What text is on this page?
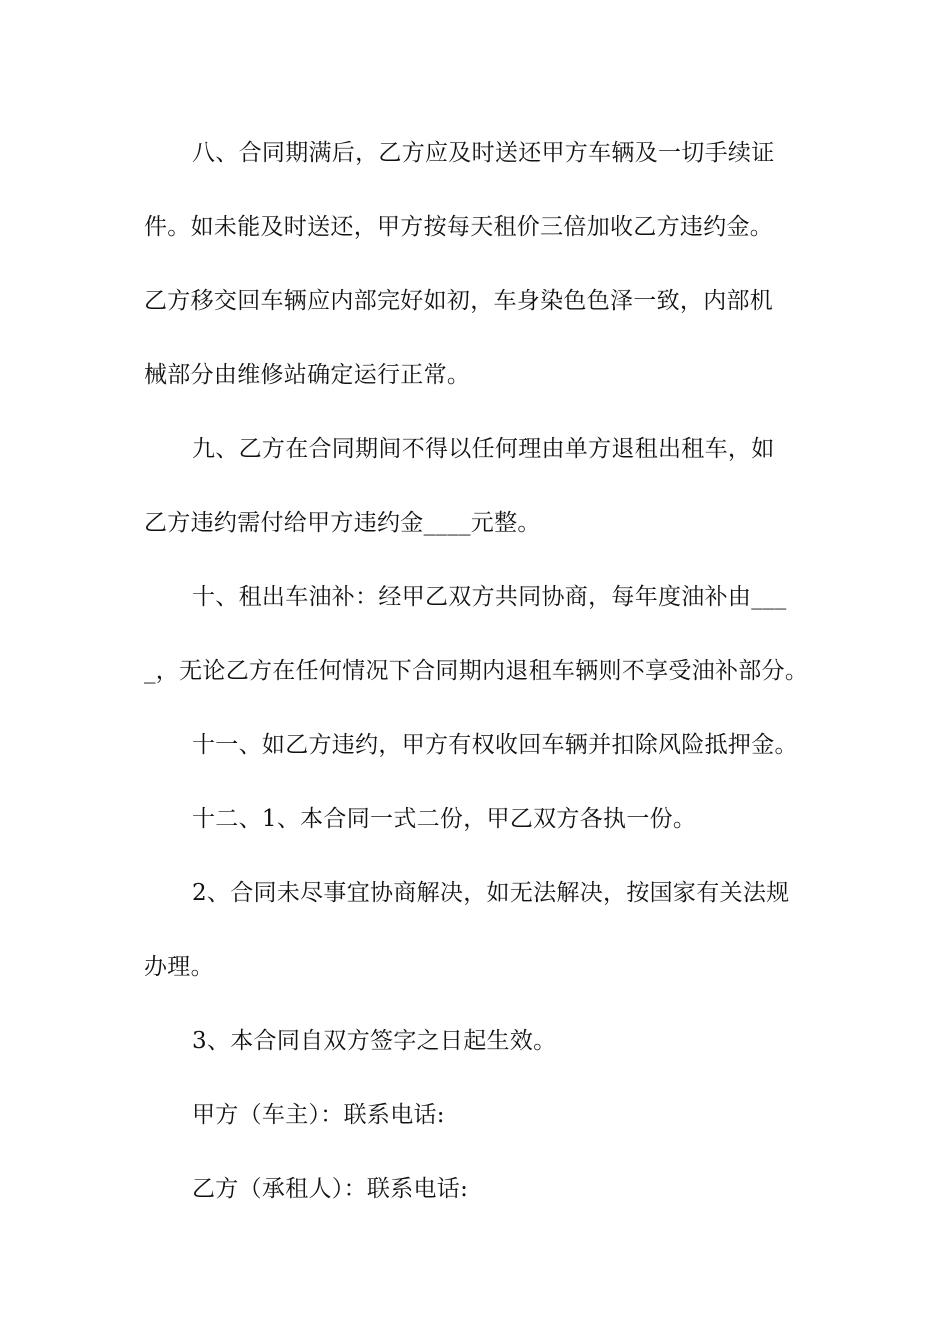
八、合同期满后，乙方应及时送还甲方车辆及一切手续证
件。如未能及时送还，甲方按每天租价三倍加收乙方违约金。
乙方移交回车辆应内部完好如初，车身染色色泽一致，内部机
械部分由维修站确定运行正常。
九、乙方在合同期间不得以任何理由单方退租出租车，如
乙方违约需付给甲方违约金____元整。
十、租出车油补：经甲乙双方共同协商，每年度油补由___
_，无论乙方在任何情况下合同期内退租车辆则不享受油补部分。
十一、如乙方违约，甲方有权收回车辆并扣除风险抵押金。
十二、1、本合同一式二份，甲乙双方各执一份。
2、合同未尽事宜协商解决，如无法解决，按国家有关法规
办理。
3、本合同自双方签字之日起生效。
甲方（车主）：联系电话:
乙方（承租人）：联系电话:
